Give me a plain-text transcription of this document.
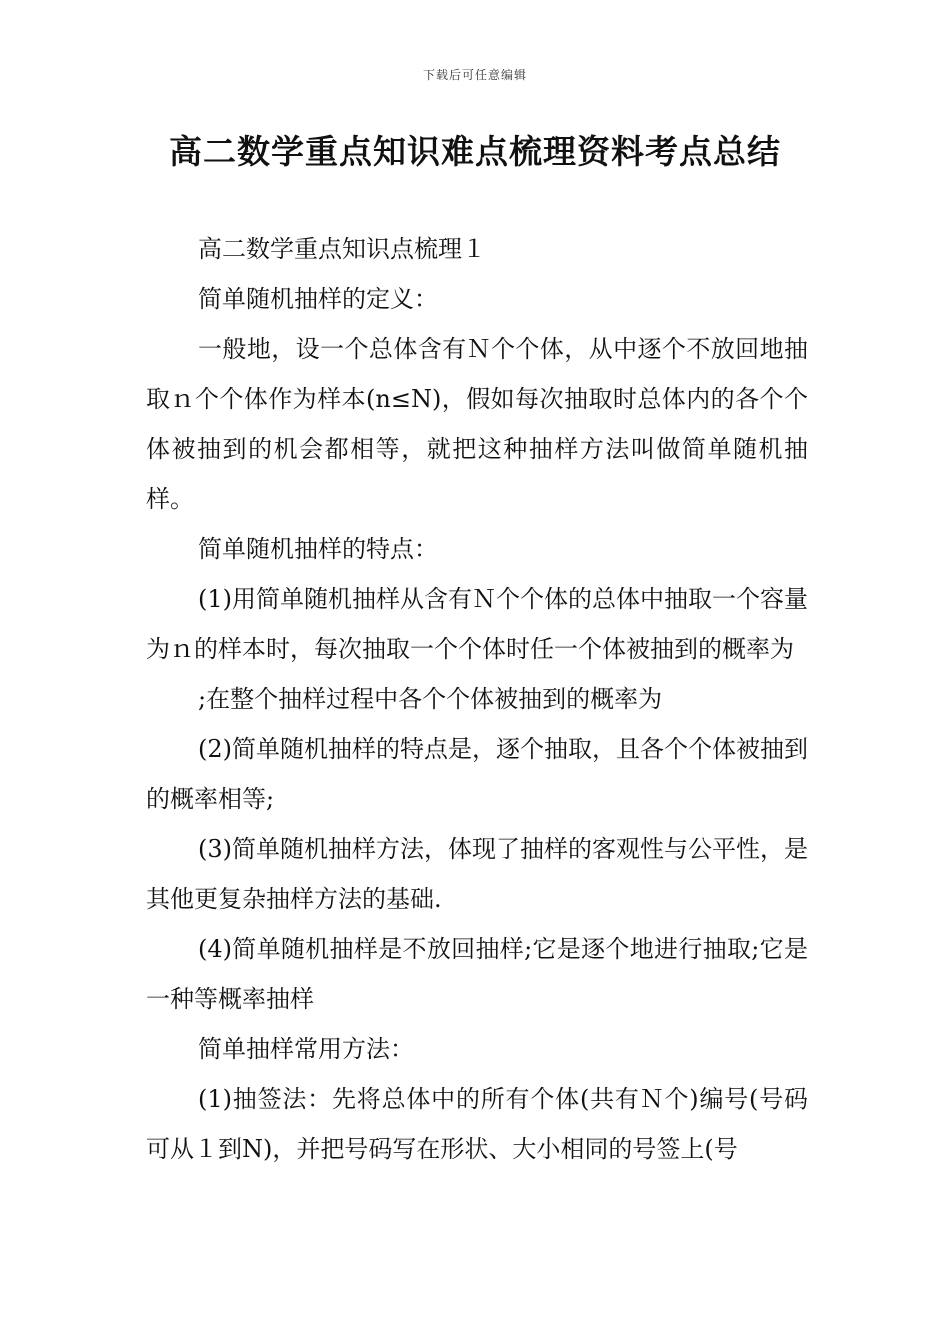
下载后可任意编辑
高二数学重点知识难点梳理资料考点总结

高二数学重点知识点梳理１

简单随机抽样的定义：

一般地，设一个总体含有Ｎ个个体，从中逐个不放回地抽取ｎ个个体作为样本(n≤N)，假如每次抽取时总体内的各个个体被抽到的机会都相等，就把这种抽样方法叫做简单随机抽样。

简单随机抽样的特点：

(1)用简单随机抽样从含有Ｎ个个体的总体中抽取一个容量为ｎ的样本时，每次抽取一个个体时任一个体被抽到的概率为

;在整个抽样过程中各个个体被抽到的概率为

(2)简单随机抽样的特点是，逐个抽取，且各个个体被抽到的概率相等;

(3)简单随机抽样方法，体现了抽样的客观性与公平性，是其他更复杂抽样方法的基础.

(4)简单随机抽样是不放回抽样;它是逐个地进行抽取;它是一种等概率抽样

简单抽样常用方法：

(1)抽签法：先将总体中的所有个体(共有Ｎ个)编号(号码可从１到N)，并把号码写在形状、大小相同的号签上(号
